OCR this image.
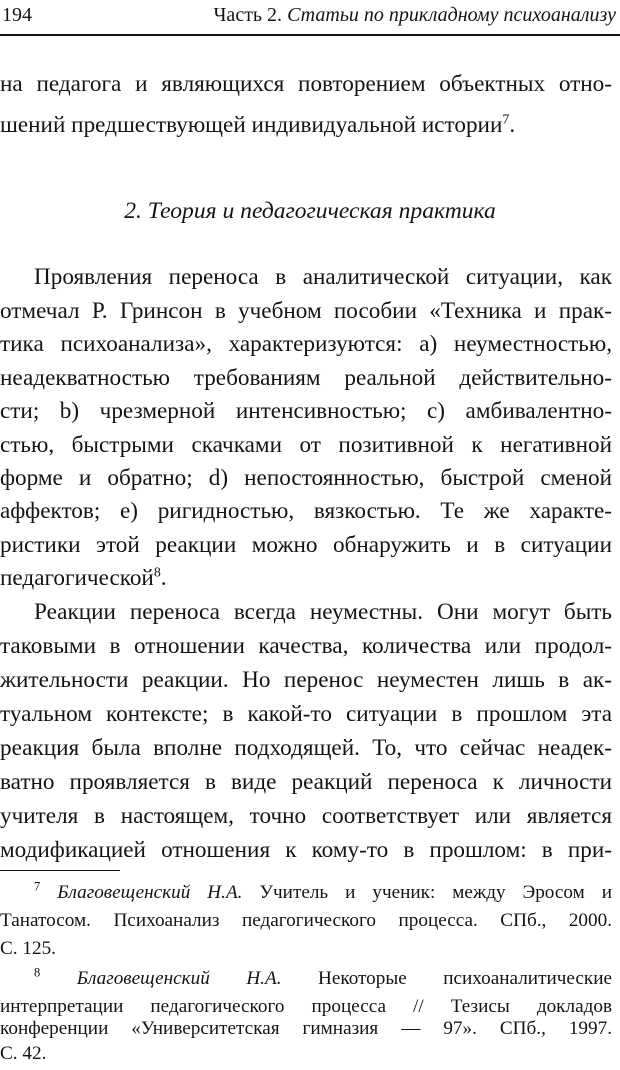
194	Часть 2. Статьи по прикладному психоанализу
на педагога и являющихся повторением объектных отно-
шений предшествующей индивидуальной истории$^7$.
2. Теория и педагогическая практика
Проявления переноса в аналитической ситуации, как
отмечал Р. Гринсон в учебном пособии «Техника и прак-
тика психоанализа», характеризуются: а) неуместностью,
неадекватностью требованиям реальной действительно-
сти; b) чрезмерной интенсивностью; с) амбивалентно-
стью, быстрыми скачками от позитивной к негативной
форме и обратно; d) непостоянностью, быстрой сменой
аффектов; е) ригидностью, вязкостью. Те же характе-
ристики этой реакции можно обнаружить и в ситуации
педагогической$^8$.
Реакции переноса всегда неуместны. Они могут быть
таковыми в отношении качества, количества или продол-
жительности реакции. Но перенос неуместен лишь в ак-
туальном контексте; в какой-то ситуации в прошлом эта
реакция была вполне подходящей. То, что сейчас неадек-
ватно проявляется в виде реакций переноса к личности
учителя в настоящем, точно соответствует или является
модификацией отношения к кому-то в прошлом: в при-
$^7$ Благовещенский Н.А. Учитель и ученик: между Эросом и
Танатосом. Психоанализ педагогического процесса. СПб., 2000.
С. 125.
$^8$ Благовещенский Н.А. Некоторые психоаналитические
интерпретации педагогического процесса // Тезисы докладов
конференции «Университетская гимназия — 97». СПб., 1997.
С. 42.
